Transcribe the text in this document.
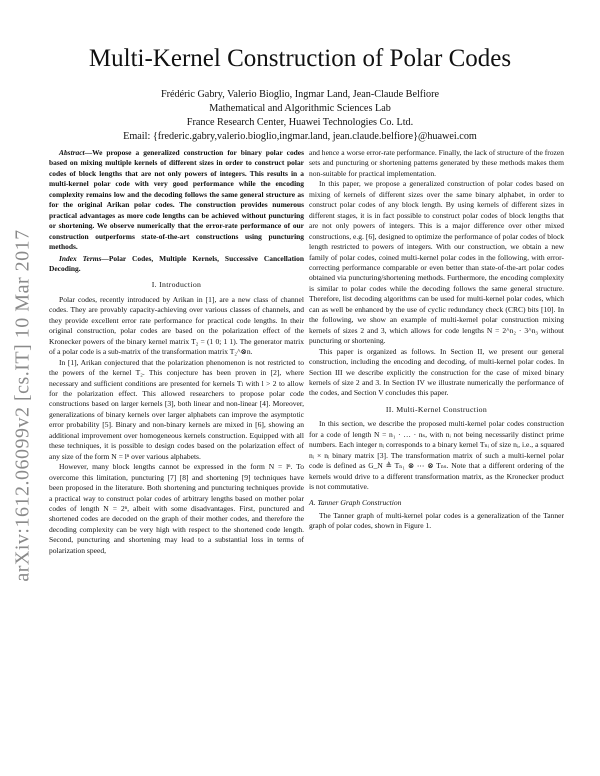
arXiv:1612.06099v2 [cs.IT] 10 Mar 2017
Multi-Kernel Construction of Polar Codes
Frédéric Gabry, Valerio Bioglio, Ingmar Land, Jean-Claude Belfiore
Mathematical and Algorithmic Sciences Lab
France Research Center, Huawei Technologies Co. Ltd.
Email: {frederic.gabry,valerio.bioglio,ingmar.land, jean.claude.belfiore}@huawei.com

Abstract—We propose a generalized construction for binary polar codes based on mixing multiple kernels of different sizes in order to construct polar codes of block lengths that are not only powers of integers. This results in a multi-kernel polar code with very good performance while the encoding complexity remains low and the decoding follows the same general structure as for the original Arikan polar codes. The construction provides numerous practical advantages as more code lengths can be achieved without puncturing or shortening. We observe numerically that the error-rate performance of our construction outperforms state-of-the-art constructions using puncturing methods.

Index Terms—Polar Codes, Multiple Kernels, Successive Cancellation Decoding.

I. Introduction

Polar codes, recently introduced by Arikan in [1], are a new class of channel codes. They are provably capacity-achieving over various classes of channels, and they provide excellent error rate performance for practical code lengths. In their original construction, polar codes are based on the polarization effect of the Kronecker powers of the binary kernel matrix T₂ = (1 0; 1 1). The generator matrix of a polar code is a sub-matrix of the transformation matrix T₂^⊗n.

In [1], Arikan conjectured that the polarization phenomenon is not restricted to the powers of the kernel T₂. This conjecture has been proven in [2], where necessary and sufficient conditions are presented for kernels Tₗ with l > 2 to allow for the polarization effect. This allowed researchers to propose polar code constructions based on larger kernels [3], both linear and non-linear [4]. Moreover, generalizations of binary kernels over larger alphabets can improve the asymptotic error probability [5]. Binary and non-binary kernels are mixed in [6], showing an additional improvement over homogeneous kernels construction. Equipped with all these techniques, it is possible to design codes based on the polarization effect of any size of the form N = lⁿ over various alphabets.

However, many block lengths cannot be expressed in the form N = lⁿ. To overcome this limitation, puncturing [7] [8] and shortening [9] techniques have been proposed in the literature. Both shortening and puncturing techniques provide a practical way to construct polar codes of arbitrary lengths based on mother polar codes of length N = 2ⁿ, albeit with some disadvantages. First, punctured and shortened codes are decoded on the graph of their mother codes, and therefore the decoding complexity can be very high with respect to the shortened code length. Second, puncturing and shortening may lead to a substantial loss in terms of polarization speed,

and hence a worse error-rate performance. Finally, the lack of structure of the frozen sets and puncturing or shortening patterns generated by these methods makes them non-suitable for practical implementation.

In this paper, we propose a generalized construction of polar codes based on mixing of kernels of different sizes over the same binary alphabet, in order to construct polar codes of any block length. By using kernels of different sizes in different stages, it is in fact possible to construct polar codes of block lengths that are not only powers of integers. This is a major difference over other mixed constructions, e.g. [6], designed to optimize the performance of polar codes of block length restricted to powers of integers. With our construction, we obtain a new family of polar codes, coined multi-kernel polar codes in the following, with error-correcting performance comparable or even better than state-of-the-art polar codes obtained via puncturing/shortening methods. Furthermore, the encoding complexity is similar to polar codes while the decoding follows the same general structure. Therefore, list decoding algorithms can be used for multi-kernel polar codes, which can as well be enhanced by the use of cyclic redundancy check (CRC) bits [10]. In the following, we show an example of multi-kernel polar construction mixing kernels of sizes 2 and 3, which allows for code lengths N = 2^n₂ · 3^n₃ without puncturing or shortening.

This paper is organized as follows. In Section II, we present our general construction, including the encoding and decoding, of multi-kernel polar codes. In Section III we describe explicitly the construction for the case of mixed binary kernels of size 2 and 3. In Section IV we illustrate numerically the performance of the codes, and Section V concludes this paper.

II. Multi-Kernel Construction

In this section, we describe the proposed multi-kernel polar codes construction for a code of length N = n₁ · … · nₛ, with nᵢ not being necessarily distinct prime numbers. Each integer nᵢ corresponds to a binary kernel Tₙᵢ of size nᵢ, i.e., a squared nᵢ × nᵢ binary matrix [3]. The transformation matrix of such a multi-kernel polar code is defined as G_N ≜ Tₙ₁ ⊗ ⋯ ⊗ Tₙₛ. Note that a different ordering of the kernels would drive to a different transformation matrix, as the Kronecker product is not commutative.

A. Tanner Graph Construction

The Tanner graph of multi-kernel polar codes is a generalization of the Tanner graph of polar codes, shown in Figure 1.
